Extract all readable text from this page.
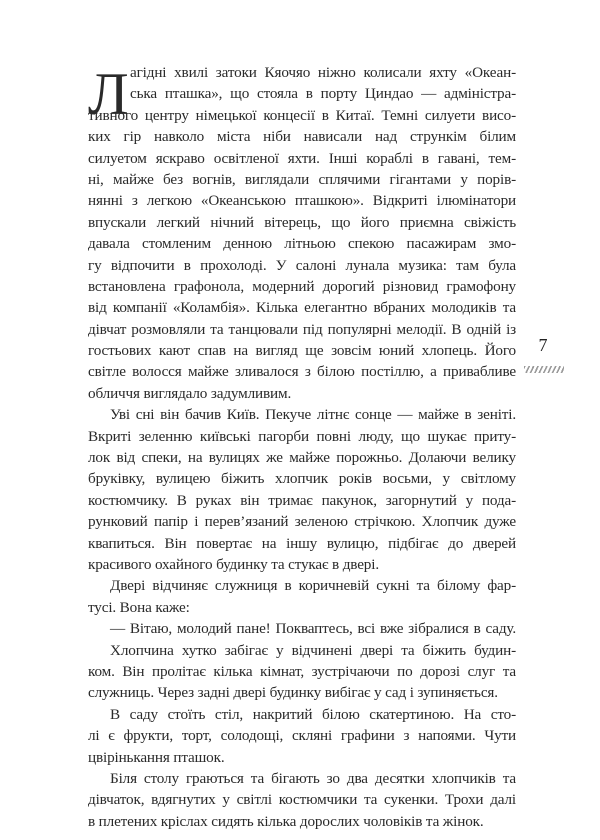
Л агідні хвилі затоки Кяочяо ніжно колисали яхту «Океан-
ська пташка», що стояла в порту Циндао — адміністра-
тивного центру німецької концесії в Китаї. Темні силуети висо-
ких гір навколо міста ніби нависали над стрункім білим
силуетом яскраво освітленої яхти. Інші кораблі в гавані, тем-
ні, майже без вогнів, виглядали сплячими гігантами у порів-
нянні з легкою «Океанською пташкою». Відкриті ілюмінатори
впускали легкий нічний вітерець, що його приємна свіжість
давала стомленим денною літньою спекою пасажирам змо-
гу відпочити в прохолоді. У салоні лунала музика: там була
встановлена графонола, модерний дорогий різновид грамофону
від компанії «Коламбія». Кілька елегантно вбраних молодиків та
дівчат розмовляли та танцювали під популярні мелодії. В одній із
гостьових кают спав на вигляд ще зовсім юний хлопець. Його
світле волосся майже зливалося з білою постіллю, а привабливе
обличчя виглядало задумливим.
Уві сні він бачив Київ. Пекуче літнє сонце — майже в зеніті.
Вкриті зеленню київські пагорби повні люду, що шукає приту-
лок від спеки, на вулицях же майже порожньо. Долаючи велику
бруківку, вулицею біжить хлопчик років восьми, у світлому
костюмчику. В руках він тримає пакунок, загорнутий у пода-
рунковий папір і перев’язаний зеленою стрічкою. Хлопчик дуже
квапиться. Він повертає на іншу вулицю, підбігає до дверей
красивого охайного будинку та стукає в двері.
Двері відчиняє служниця в коричневій сукні та білому фар-
тусі. Вона каже:
— Вітаю, молодий пане! Покваптесь, всі вже зібралися в саду.
Хлопчина хутко забігає у відчинені двері та біжить будин-
ком. Він пролітає кілька кімнат, зустрічаючи по дорозі слуг та
служниць. Через задні двері будинку вибігає у сад і зупиняється.
В саду стоїть стіл, накритий білою скатертиною. На сто-
лі є фрукти, торт, солодощі, скляні графини з напоями. Чути
цвірінькання пташок.
Біля столу граються та бігають зо два десятки хлопчиків та
дівчаток, вдягнутих у світлі костюмчики та сукенки. Трохи далі
в плетених кріслах сидять кілька дорослих чоловіків та жінок.
7
